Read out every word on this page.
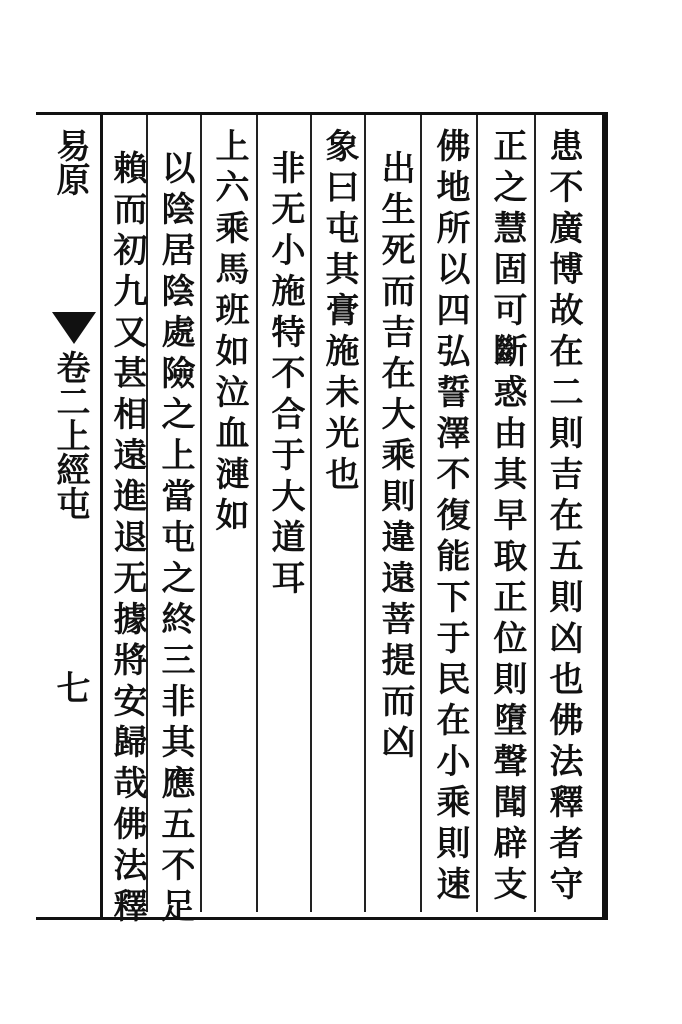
易原
卷二上經屯
七	患不廣博故在二則吉在五則凶也佛法釋者守
正之慧固可斷惑由其早取正位則墮聲聞辟支
佛地所以四弘誓澤不復能下于民在小乘則速
出生死而吉在大乘則違遠菩提而凶
象曰屯其膏施未光也
非无小施特不合于大道耳
上六乘馬班如泣血漣如
以陰居陰處險之上當屯之終三非其應五不足
賴而初九又甚相遠進退无據將安歸哉佛法釋
